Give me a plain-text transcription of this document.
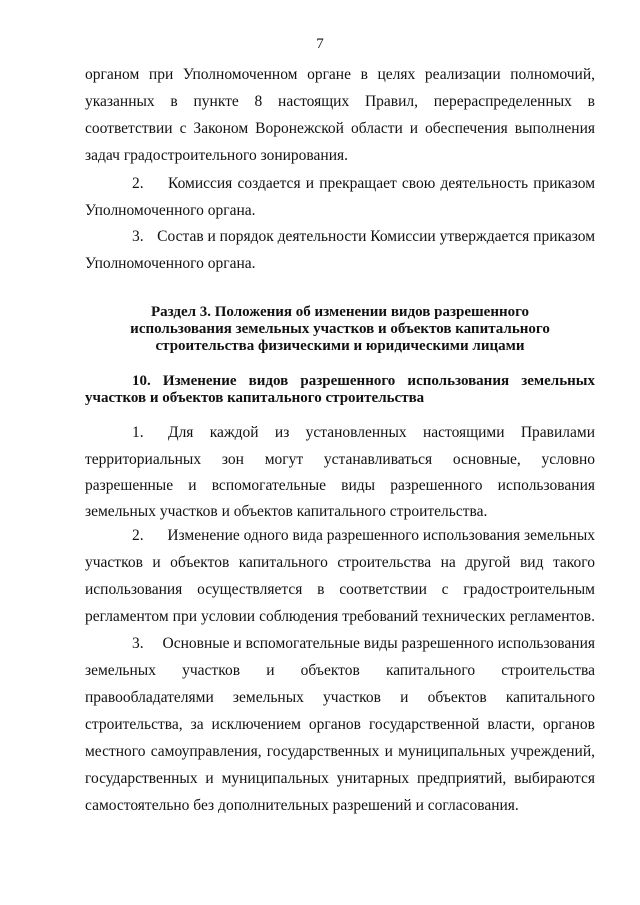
7
органом при Уполномоченном органе в целях реализации полномочий,
указанных в пункте 8 настоящих Правил, перераспределенных в
соответствии с Законом Воронежской области и обеспечения выполнения
задач градостроительного зонирования.
2.	Комиссия создается и прекращает свою деятельность приказом
Уполномоченного органа.
3. Состав и порядок деятельности Комиссии утверждается приказом
Уполномоченного органа.
Раздел 3. Положения об изменении видов разрешенного
использования земельных участков и объектов капитального
строительства физическими и юридическими лицами
10. Изменение видов разрешенного использования земельных
участков и объектов капитального строительства
1.	Для каждой из установленных настоящими Правилами
территориальных зон могут устанавливаться основные, условно
разрешенные и вспомогательные виды разрешенного использования
земельных участков и объектов капитального строительства.
2.	Изменение одного вида разрешенного использования земельных
участков и объектов капитального строительства на другой вид такого
использования осуществляется в соответствии с градостроительным
регламентом при условии соблюдения требований технических регламентов.
3.	Основные и вспомогательные виды разрешенного использования
земельных участков и объектов капитального строительства
правообладателями земельных участков и объектов капитального
строительства, за исключением органов государственной власти, органов
местного самоуправления, государственных и муниципальных учреждений,
государственных и муниципальных унитарных предприятий, выбираются
самостоятельно без дополнительных разрешений и согласования.
